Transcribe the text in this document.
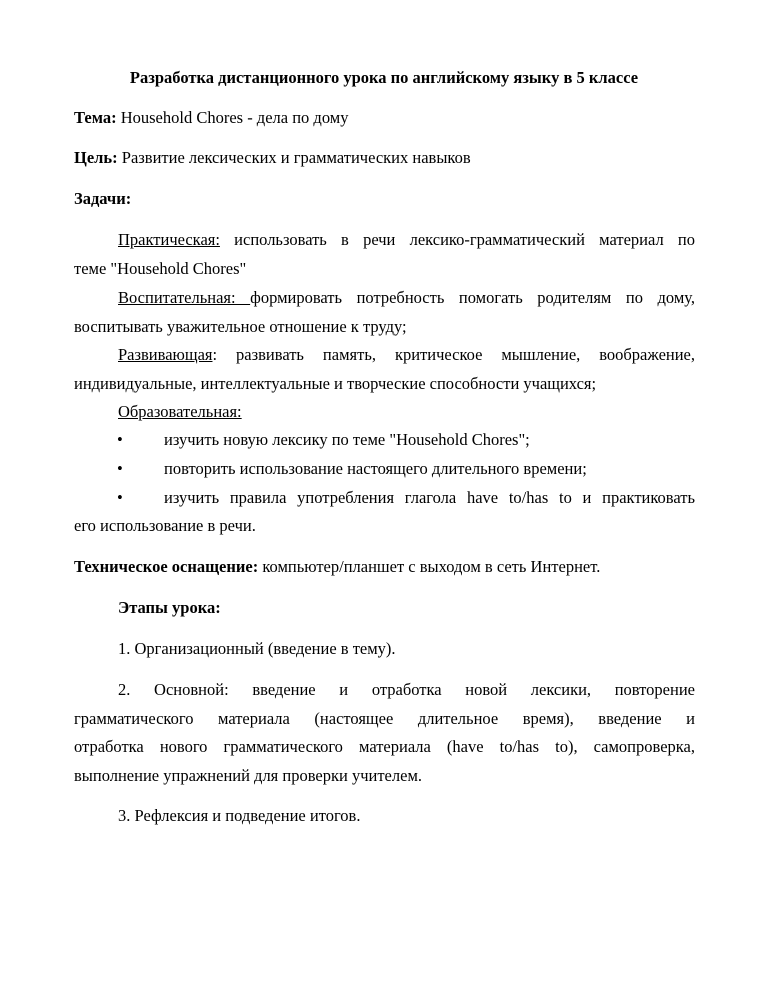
Разработка дистанционного урока по английскому языку в 5 классе
Тема: Household Chores - дела по дому
Цель: Развитие лексических и грамматических навыков
Задачи:
Практическая: использовать в речи лексико-грамматический материал по
теме "Household Chores"
Воспитательная: формировать потребность помогать родителям по дому,
воспитывать уважительное отношение к труду;
Развивающая: развивать память, критическое мышление, воображение,
индивидуальные, интеллектуальные и творческие способности учащихся;
Образовательная:
• изучить новую лексику по теме "Household Chores";
• повторить использование настоящего длительного времени;
• изучить правила употребления глагола have to/has to и практиковать
его использование в речи.
Техническое оснащение: компьютер/планшет с выходом в сеть Интернет.
Этапы урока:
1. Организационный (введение в тему).
2. Основной: введение и отработка новой лексики, повторение
грамматического материала (настоящее длительное время), введение и
отработка нового грамматического материала (have to/has to), самопроверка,
выполнение упражнений для проверки учителем.
3. Рефлексия и подведение итогов.
